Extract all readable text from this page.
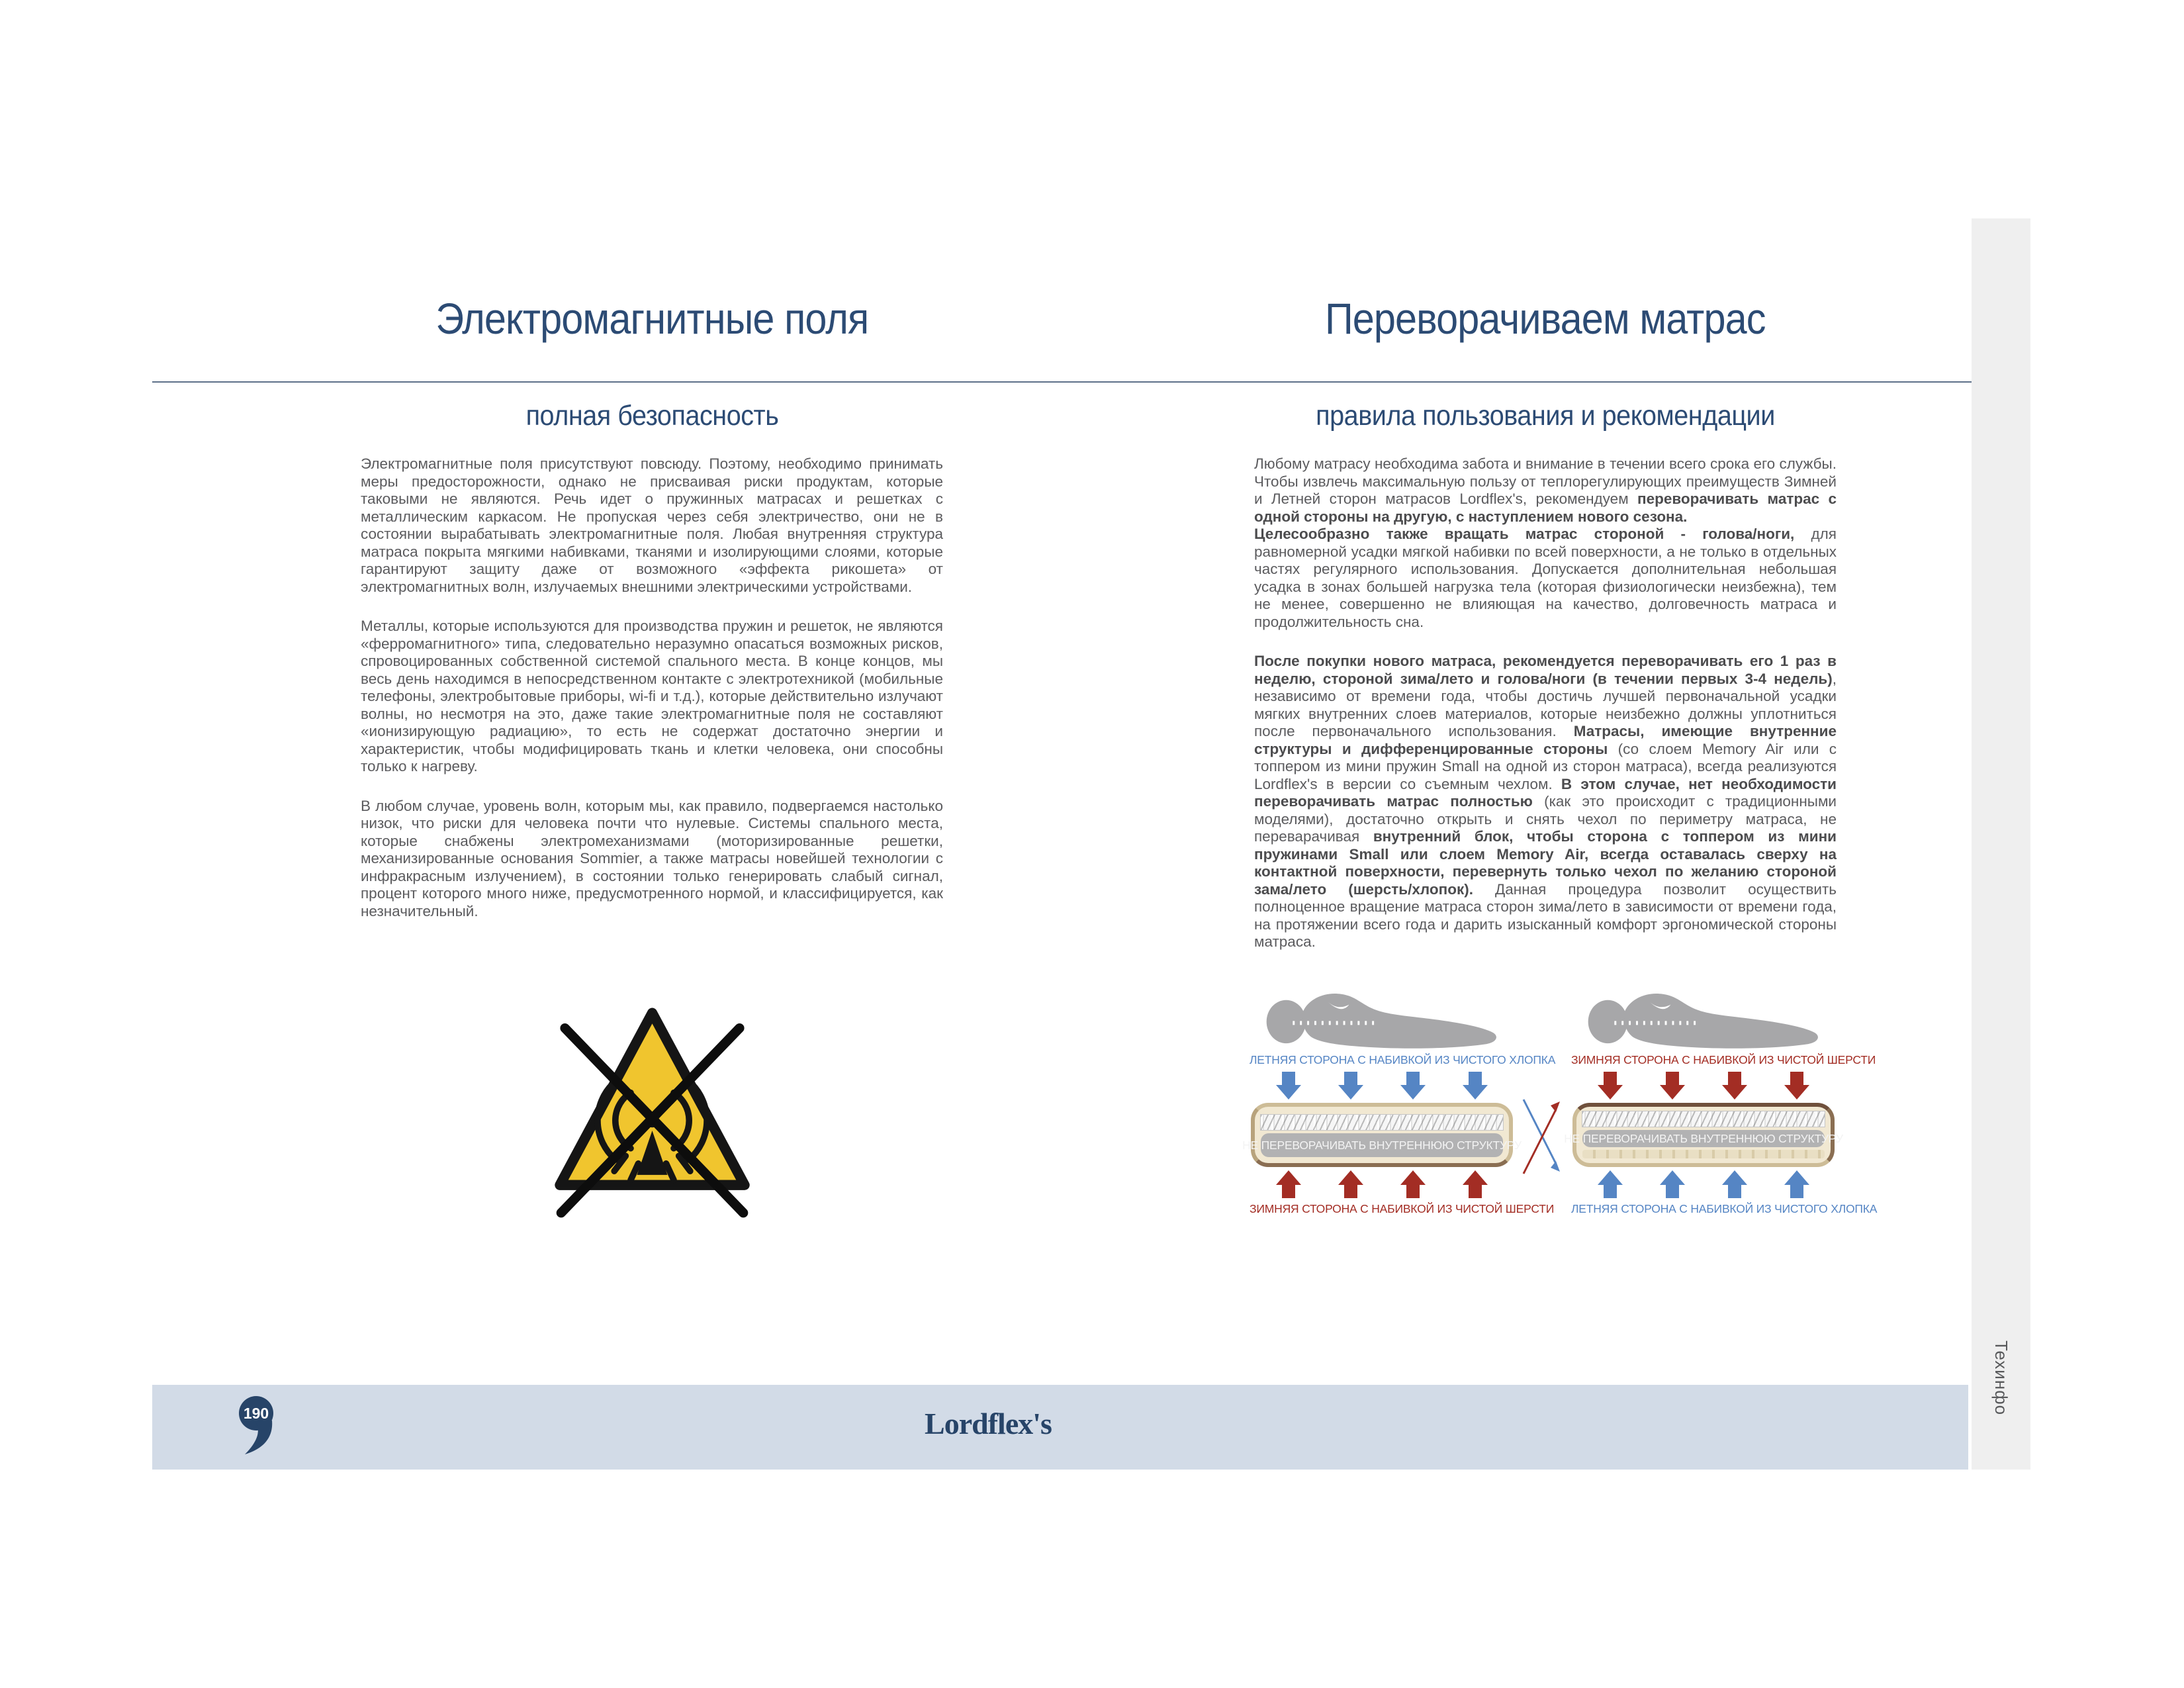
Электромагнитные поля	Переворачиваем матрас
полная безопасность	правила пользования и рекомендации

Электромагнитные поля присутствуют повсюду. Поэтому, необходимо принимать меры предосторожности, однако не присваивая риски продуктам, которые таковыми не являются. Речь идет о пружинных матрасах и решетках с металлическим каркасом. Не пропуская через себя электричество, они не в состоянии вырабатывать электромагнитные поля. Любая внутренняя структура матраса покрыта мягкими набивками, тканями и изолирующими слоями, которые гарантируют защиту даже от возможного «эффекта рикошета» от электромагнитных волн, излучаемых внешними электрическими устройствами.

Металлы, которые используются для производства пружин и решеток, не являются «ферромагнитного» типа, следовательно неразумно опасаться возможных рисков, спровоцированных собственной системой спального места. В конце концов, мы весь день находимся в непосредственном контакте с электротехникой (мобильные телефоны, электробытовые приборы, wi-fi и т.д.), которые действительно излучают волны, но несмотря на это, даже такие электромагнитные поля не составляют «ионизирующую радиацию», то есть не содержат достаточно энергии и характеристик, чтобы модифицировать ткань и клетки человека, они способны только к нагреву.

В любом случае, уровень волн, которым мы, как правило, подвергаемся настолько низок, что риски для человека почти что нулевые. Системы спального места, которые снабжены электромеханизмами (моторизированные решетки, механизированные основания Sommier, а также матрасы новейшей технологии с инфракрасным излучением), в состоянии только генерировать слабый сигнал, процент которого много ниже, предусмотренного нормой, и классифицируется, как незначительный.

Любому матрасу необходима забота и внимание в течении всего срока его службы. Чтобы извлечь максимальную пользу от теплорегулирующих преимуществ Зимней и Летней сторон матрасов Lordflex's, рекомендуем переворачивать матрас с одной стороны на другую, с наступлением нового сезона.
Целесообразно также вращать матрас стороной - голова/ноги, для равномерной усадки мягкой набивки по всей поверхности, а не только в отдельных частях регулярного использования. Допускается дополнительная небольшая усадка в зонах большей нагрузка тела (которая физиологически неизбежна), тем не менее, совершенно не влияющая на качество, долговечность матраса и продолжительность сна.

После покупки нового матраса, рекомендуется переворачивать его 1 раз в неделю, стороной зима/лето и голова/ноги (в течении первых 3-4 недель), независимо от времени года, чтобы достичь лучшей первоначальной усадки мягких внутренних слоев материалов, которые неизбежно должны уплотниться после первоначального использования. Матрасы, имеющие внутренние структуры и дифференцированные стороны (со слоем Memory Air или с топпером из мини пружин Small на одной из сторон матраса), всегда реализуются Lordflex's в версии со съемным чехлом. В этом случае, нет необходимости переворачивать матрас полностью (как это происходит с традиционными моделями), достаточно открыть и снять чехол по периметру матраса, не переварачивая внутренний блок, чтобы сторона с топпером из мини пружинами Small или слоем Memory Air, всегда оставалась сверху на контактной поверхности, перевернуть только чехол по желанию стороной зама/лето (шерсть/хлопок). Данная процедура позволит осуществить полноценное вращение матраса сторон зима/лето в зависимости от времени года, на протяжении всего года и дарить изысканный комфорт эргономической стороны матраса.

ЛЕТНЯЯ СТОРОНА С НАБИВКОЙ ИЗ ЧИСТОГО ХЛОПКА
НЕ ПЕРЕВОРАЧИВАТЬ ВНУТРЕННЮЮ СТРУКТУРУ
ЗИМНЯЯ СТОРОНА С НАБИВКОЙ ИЗ ЧИСТОЙ ШЕРСТИ
ЗИМНЯЯ СТОРОНА С НАБИВКОЙ ИЗ ЧИСТОЙ ШЕРСТИ
НЕ ПЕРЕВОРАЧИВАТЬ ВНУТРЕННЮЮ СТРУКТУРУ
ЛЕТНЯЯ СТОРОНА С НАБИВКОЙ ИЗ ЧИСТОГО ХЛОПКА
190	Lordflex's
Техинфо
